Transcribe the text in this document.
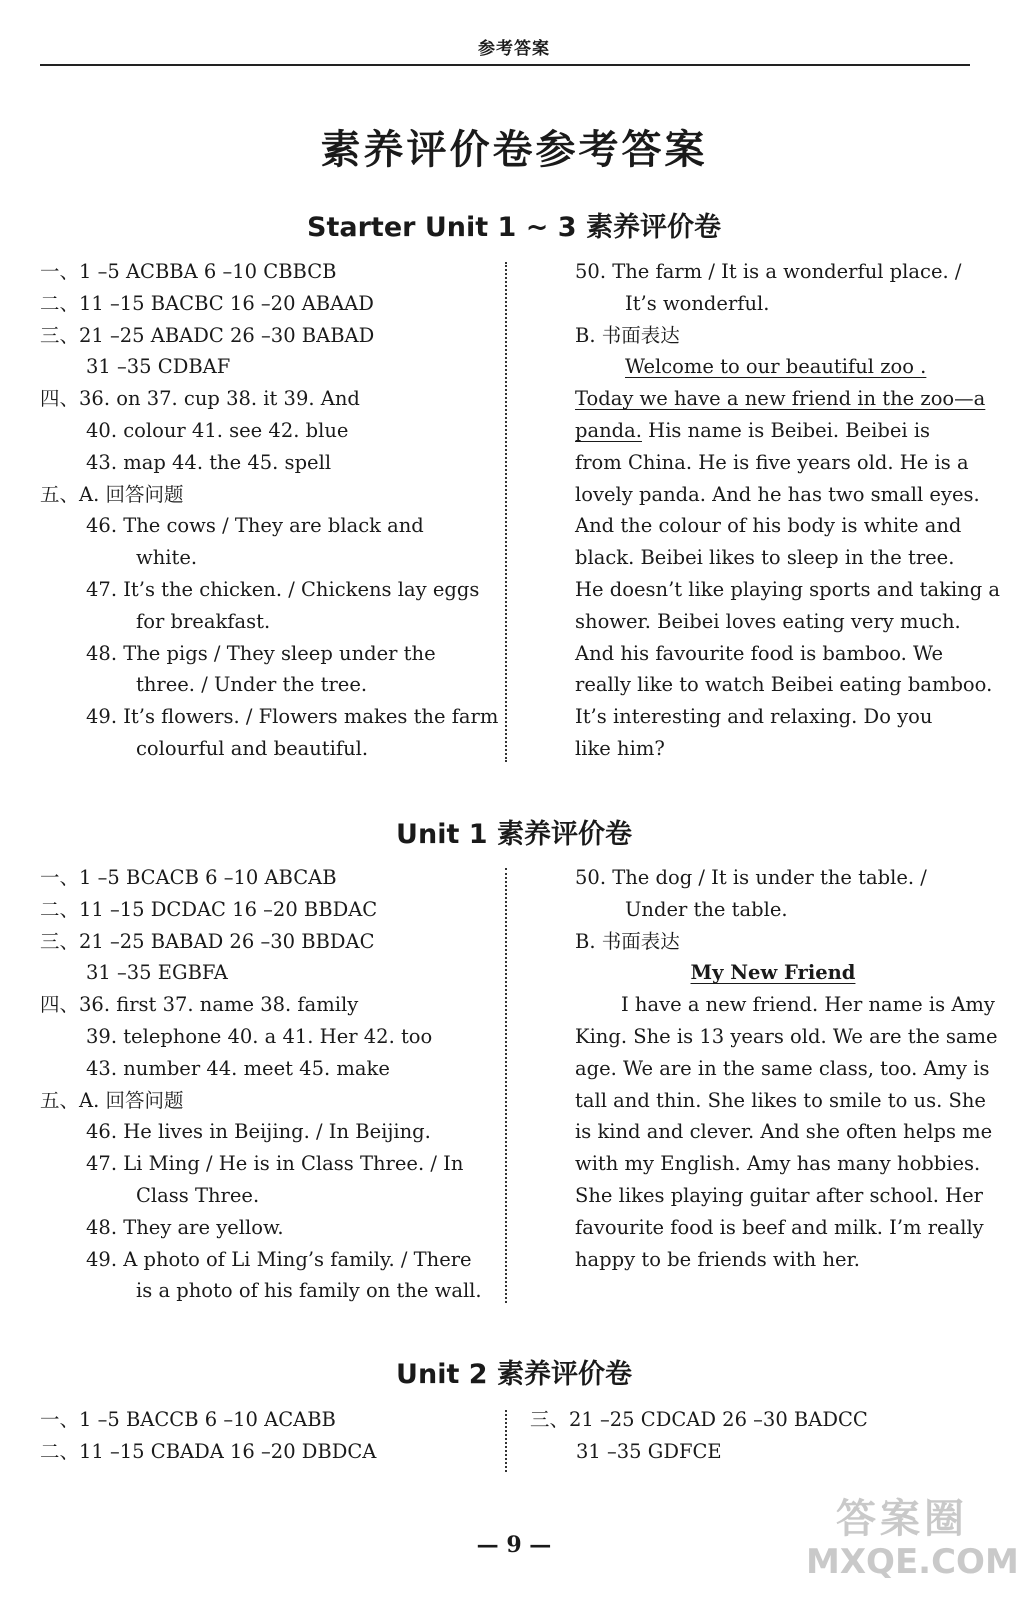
参考答案
素养评价卷参考答案
Starter Unit 1 ~ 3 素养评价卷
一、1 –5 ACBBA 6 –10 CBBCB
二、11 –15 BACBC 16 –20 ABAAD
三、21 –25 ABADC 26 –30 BABAD
31 –35 CDBAF
四、36. on 37. cup 38. it 39. And
40. colour 41. see 42. blue
43. map 44. the 45. spell
五、A. 回答问题
46. The cows / They are black and
white.
47. It’s the chicken. / Chickens lay eggs
for breakfast.
48. The pigs / They sleep under the
three. / Under the tree.
49. It’s flowers. / Flowers makes the farm
colourful and beautiful.
50. The farm / It is a wonderful place. /
It’s wonderful.
B. 书面表达
Welcome to our beautiful zoo .
Today we have a new friend in the zoo—a
panda. His name is Beibei. Beibei is
from China. He is five years old. He is a
lovely panda. And he has two small eyes.
And the colour of his body is white and
black. Beibei likes to sleep in the tree.
He doesn’t like playing sports and taking a
shower. Beibei loves eating very much.
And his favourite food is bamboo. We
really like to watch Beibei eating bamboo.
It’s interesting and relaxing. Do you
like him?
Unit 1 素养评价卷
一、1 –5 BCACB 6 –10 ABCAB
二、11 –15 DCDAC 16 –20 BBDAC
三、21 –25 BABAD 26 –30 BBDAC
31 –35 EGBFA
四、36. first 37. name 38. family
39. telephone 40. a 41. Her 42. too
43. number 44. meet 45. make
五、A. 回答问题
46. He lives in Beijing. / In Beijing.
47. Li Ming / He is in Class Three. / In
Class Three.
48. They are yellow.
49. A photo of Li Ming’s family. / There
is a photo of his family on the wall.
50. The dog / It is under the table. /
Under the table.
B. 书面表达
My New Friend
I have a new friend. Her name is Amy
King. She is 13 years old. We are the same
age. We are in the same class, too. Amy is
tall and thin. She likes to smile to us. She
is kind and clever. And she often helps me
with my English. Amy has many hobbies.
She likes playing guitar after school. Her
favourite food is beef and milk. I’m really
happy to be friends with her.
Unit 2 素养评价卷
一、1 –5 BACCB 6 –10 ACABB
二、11 –15 CBADA 16 –20 DBDCA
三、21 –25 CDCAD 26 –30 BADCC
31 –35 GDFCE
— 9 —
答案圈
MXQE.COM
